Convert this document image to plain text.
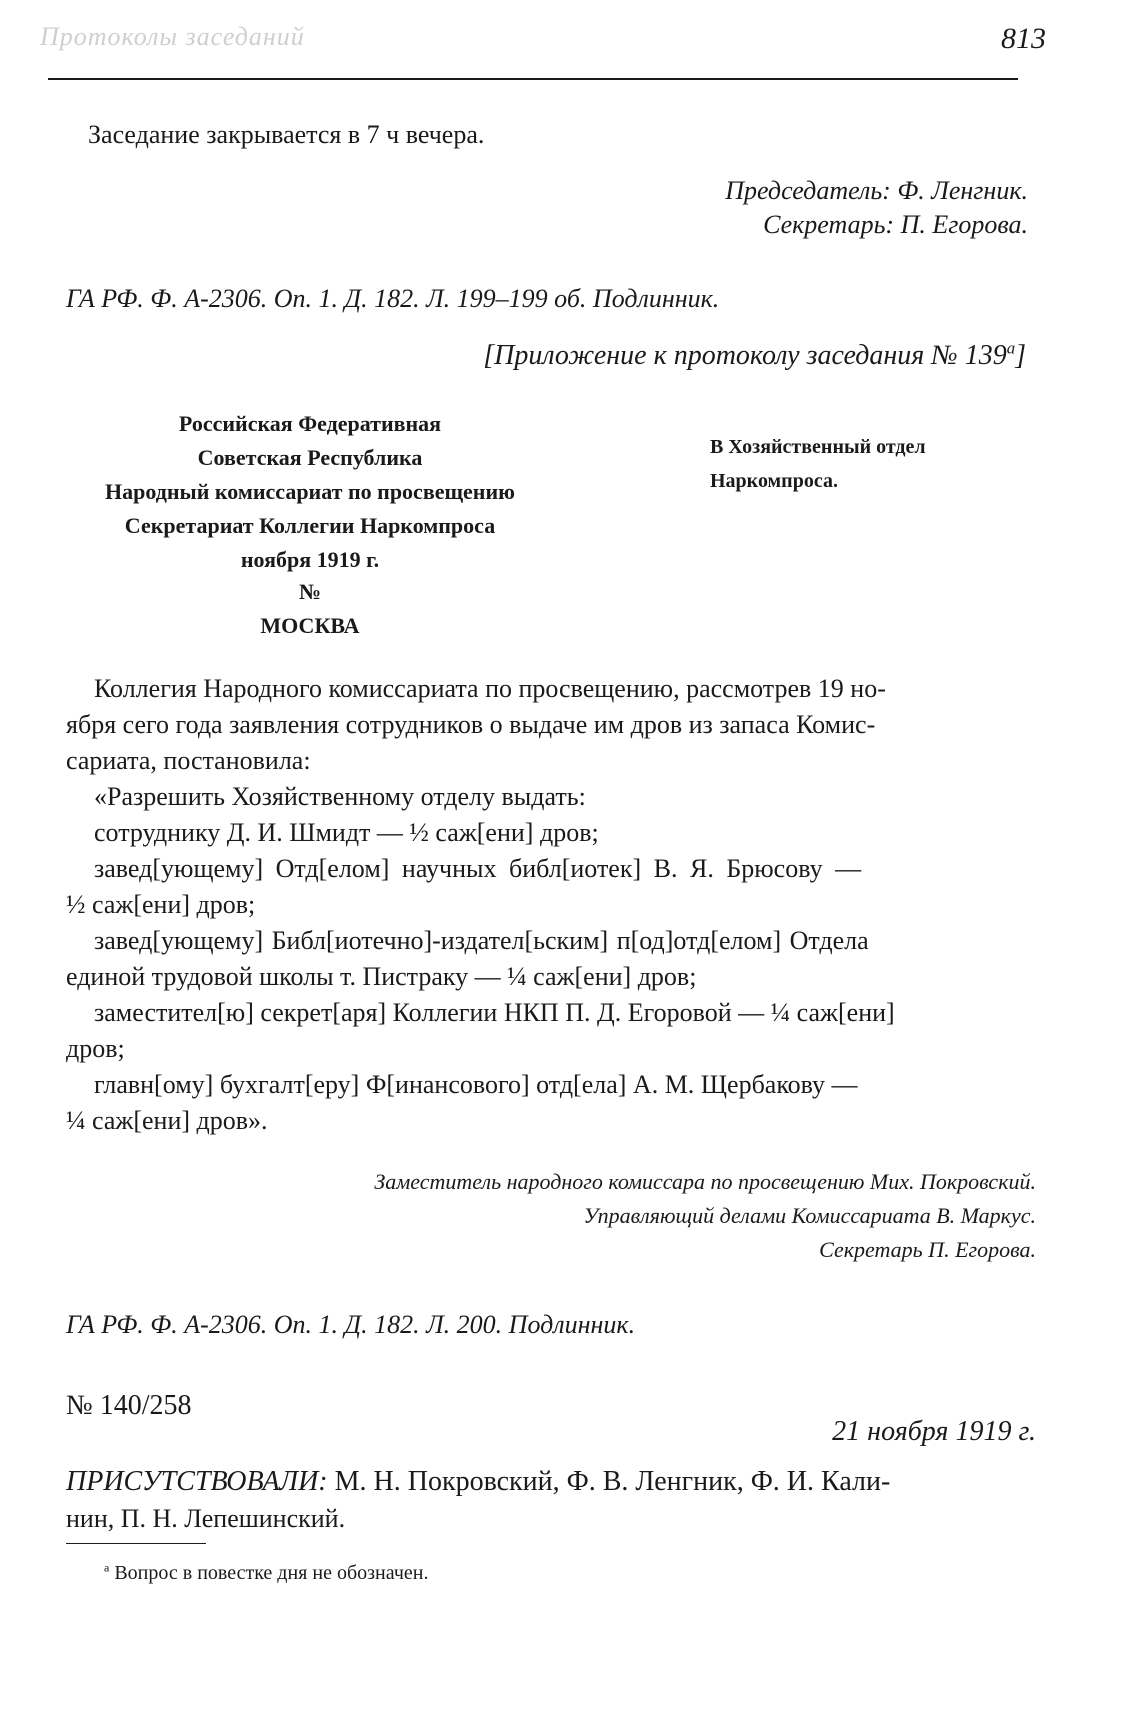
Протоколы заседаний	813
Заседание закрывается в 7 ч вечера.
Председатель: Ф. Ленгник.
Секретарь: П. Егорова.
ГА РФ. Ф. А-2306. Оп. 1. Д. 182. Л. 199–199 об. Подлинник.
[Приложение к протоколу заседания № $139^а$]
Российская Федеративная
Советская Республика
Народный комиссариат по просвещению
Секретариат Коллегии Наркомпроса
ноября 1919 г.
№
МОСКВА
В Хозяйственный отдел
Наркомпроса.
Коллегия Народного комиссариата по просвещению, рассмотрев 19 но-
ября сего года заявления сотрудников о выдаче им дров из запаса Комис-
сариата, постановила:
«Разрешить Хозяйственному отделу выдать:
сотруднику Д. И. Шмидт — ½ саж[ени] дров;
завед[ующему] Отд[елом] научных библ[иотек] В. Я. Брюсову —
½ саж[ени] дров;
завед[ующему] Библ[иотечно]-издател[ьским] п[од]отд[елом] Отдела
единой трудовой школы т. Пистраку — ¼ саж[ени] дров;
заместител[ю] секрет[аря] Коллегии НКП П. Д. Егоровой — ¼ саж[ени]
дров;
главн[ому] бухгалт[еру] Ф[инансового] отд[ела] А. М. Щербакову —
¼ саж[ени] дров».
Заместитель народного комиссара по просвещению Мих. Покровский.
Управляющий делами Комиссариата В. Маркус.
Секретарь П. Егорова.
ГА РФ. Ф. А-2306. Оп. 1. Д. 182. Л. 200. Подлинник.
№ 140/258
21 ноября 1919 г.
ПРИСУТСТВОВАЛИ: М. Н. Покровский, Ф. В. Ленгник, Ф. И. Кали-
нин, П. Н. Лепешинский.
$^а$ Вопрос в повестке дня не обозначен.
